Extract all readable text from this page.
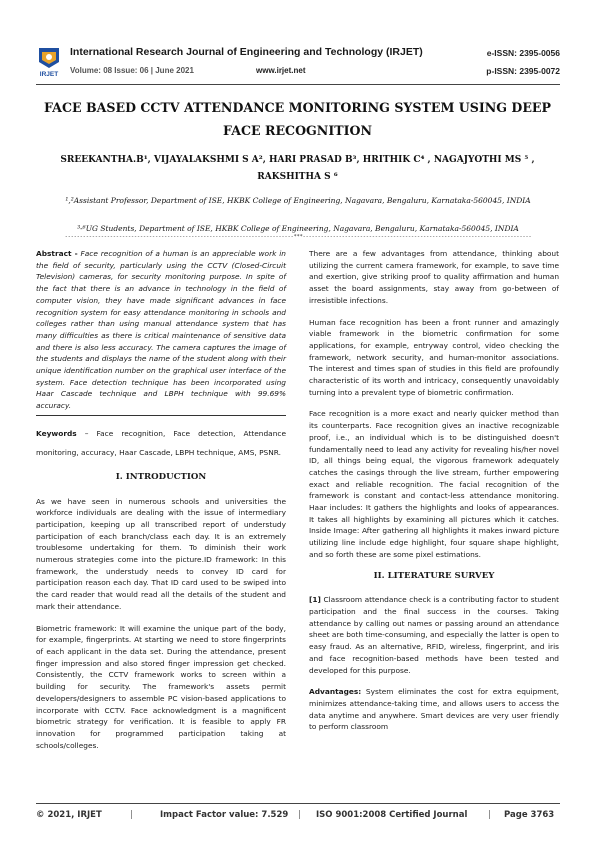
IRJET
International Research Journal of Engineering and Technology (IRJET)
Volume: 08 Issue: 06 | June 2021	www.irjet.net
e-ISSN: 2395-0056
p-ISSN: 2395-0072
FACE BASED CCTV ATTENDANCE MONITORING SYSTEM USING DEEP FACE RECOGNITION
SREEKANTHA.B¹, VIJAYALAKSHMI S A², HARI PRASAD B³, HRITHIK C⁴ , NAGAJYOTHI MS ⁵ , RAKSHITHA S ⁶
¹,²Assistant Professor, Department of ISE, HKBK College of Engineering, Nagavara, Bengaluru, Karnataka-560045, INDIA
³-⁶UG Students, Department of ISE, HKBK College of Engineering, Nagavara, Bengaluru, Karnataka-560045, INDIA
----------------------------------------------------------------------------***----------------------------------------------------------------------------

Abstract - Face recognition of a human is an appreciable work in the field of security, particularly using the CCTV (Closed-Circuit Television) cameras, for security monitoring purpose. In spite of the fact that there is an advance in technology in the field of computer vision, they have made significant advances in face recognition system for easy attendance monitoring in schools and colleges rather than using manual attendance system that has many difficulties as there is critical maintenance of sensitive data and there is also less accuracy. The camera captures the image of the students and displays the name of the student along with their unique identification number on the graphical user interface of the system. Face detection technique has been incorporated using Haar Cascade technique and LBPH technique with 99.69% accuracy.

Keywords – Face recognition, Face detection, Attendance monitoring, accuracy, Haar Cascade, LBPH technique, AMS, PSNR.

I. INTRODUCTION

As we have seen in numerous schools and universities the workforce individuals are dealing with the issue of intermediary participation, keeping up all transcribed report of understudy participation of each branch/class each day. It is an extremely troublesome undertaking for them. To diminish their work numerous strategies come into the picture.ID framework: In this framework, the understudy needs to convey ID card for participation reason each day. That ID card used to be swiped into the card reader that would read all the details of the student and mark their attendance.

Biometric framework: It will examine the unique part of the body, for example, fingerprints. At starting we need to store fingerprints of each applicant in the data set. During the attendance, present finger impression and also stored finger impression get checked. Consistently, the CCTV framework works to screen within a building for security. The framework's assets permit developers/designers to assemble PC vision-based applications to incorporate with CCTV. Face acknowledgment is a magnificent biometric strategy for verification. It is feasible to apply FR innovation for programmed participation taking at schools/colleges.

There are a few advantages from attendance, thinking about utilizing the current camera framework, for example, to save time and exertion, give striking proof to quality affirmation and human asset the board assignments, stay away from go-between of irresistible infections.

Human face recognition has been a front runner and amazingly viable framework in the biometric confirmation for some applications, for example, entryway control, video checking the framework, network security, and human-monitor associations. The interest and times span of studies in this field are profoundly characteristic of its worth and intricacy, consequently unavoidably turning into a prevalent type of biometric confirmation.

Face recognition is a more exact and nearly quicker method than its counterparts. Face recognition gives an inactive recognizable proof, i.e., an individual which is to be distinguished doesn't fundamentally need to lead any activity for revealing his/her novel ID, all things being equal, the vigorous framework adequately catches the casings through the live stream, further empowering exact and reliable recognition. The facial recognition of the framework is constant and contact-less attendance monitoring. Haar includes: It gathers the highlights and looks of appearances. It takes all highlights by examining all pictures which it catches. Inside Image: After gathering all highlights it makes inward picture utilizing line include edge highlight, four square shape highlight, and so forth these are some pixel estimations.

II. LITERATURE SURVEY

[1] Classroom attendance check is a contributing factor to student participation and the final success in the courses. Taking attendance by calling out names or passing around an attendance sheet are both time-consuming, and especially the latter is open to easy fraud. As an alternative, RFID, wireless, fingerprint, and iris and face recognition-based methods have been tested and developed for this purpose.

Advantages: System eliminates the cost for extra equipment, minimizes attendance-taking time, and allows users to access the data anytime and anywhere. Smart devices are very user friendly to perform classroom

© 2021, IRJET	|	Impact Factor value: 7.529 | ISO 9001:2008 Certified Journal | Page 3763
